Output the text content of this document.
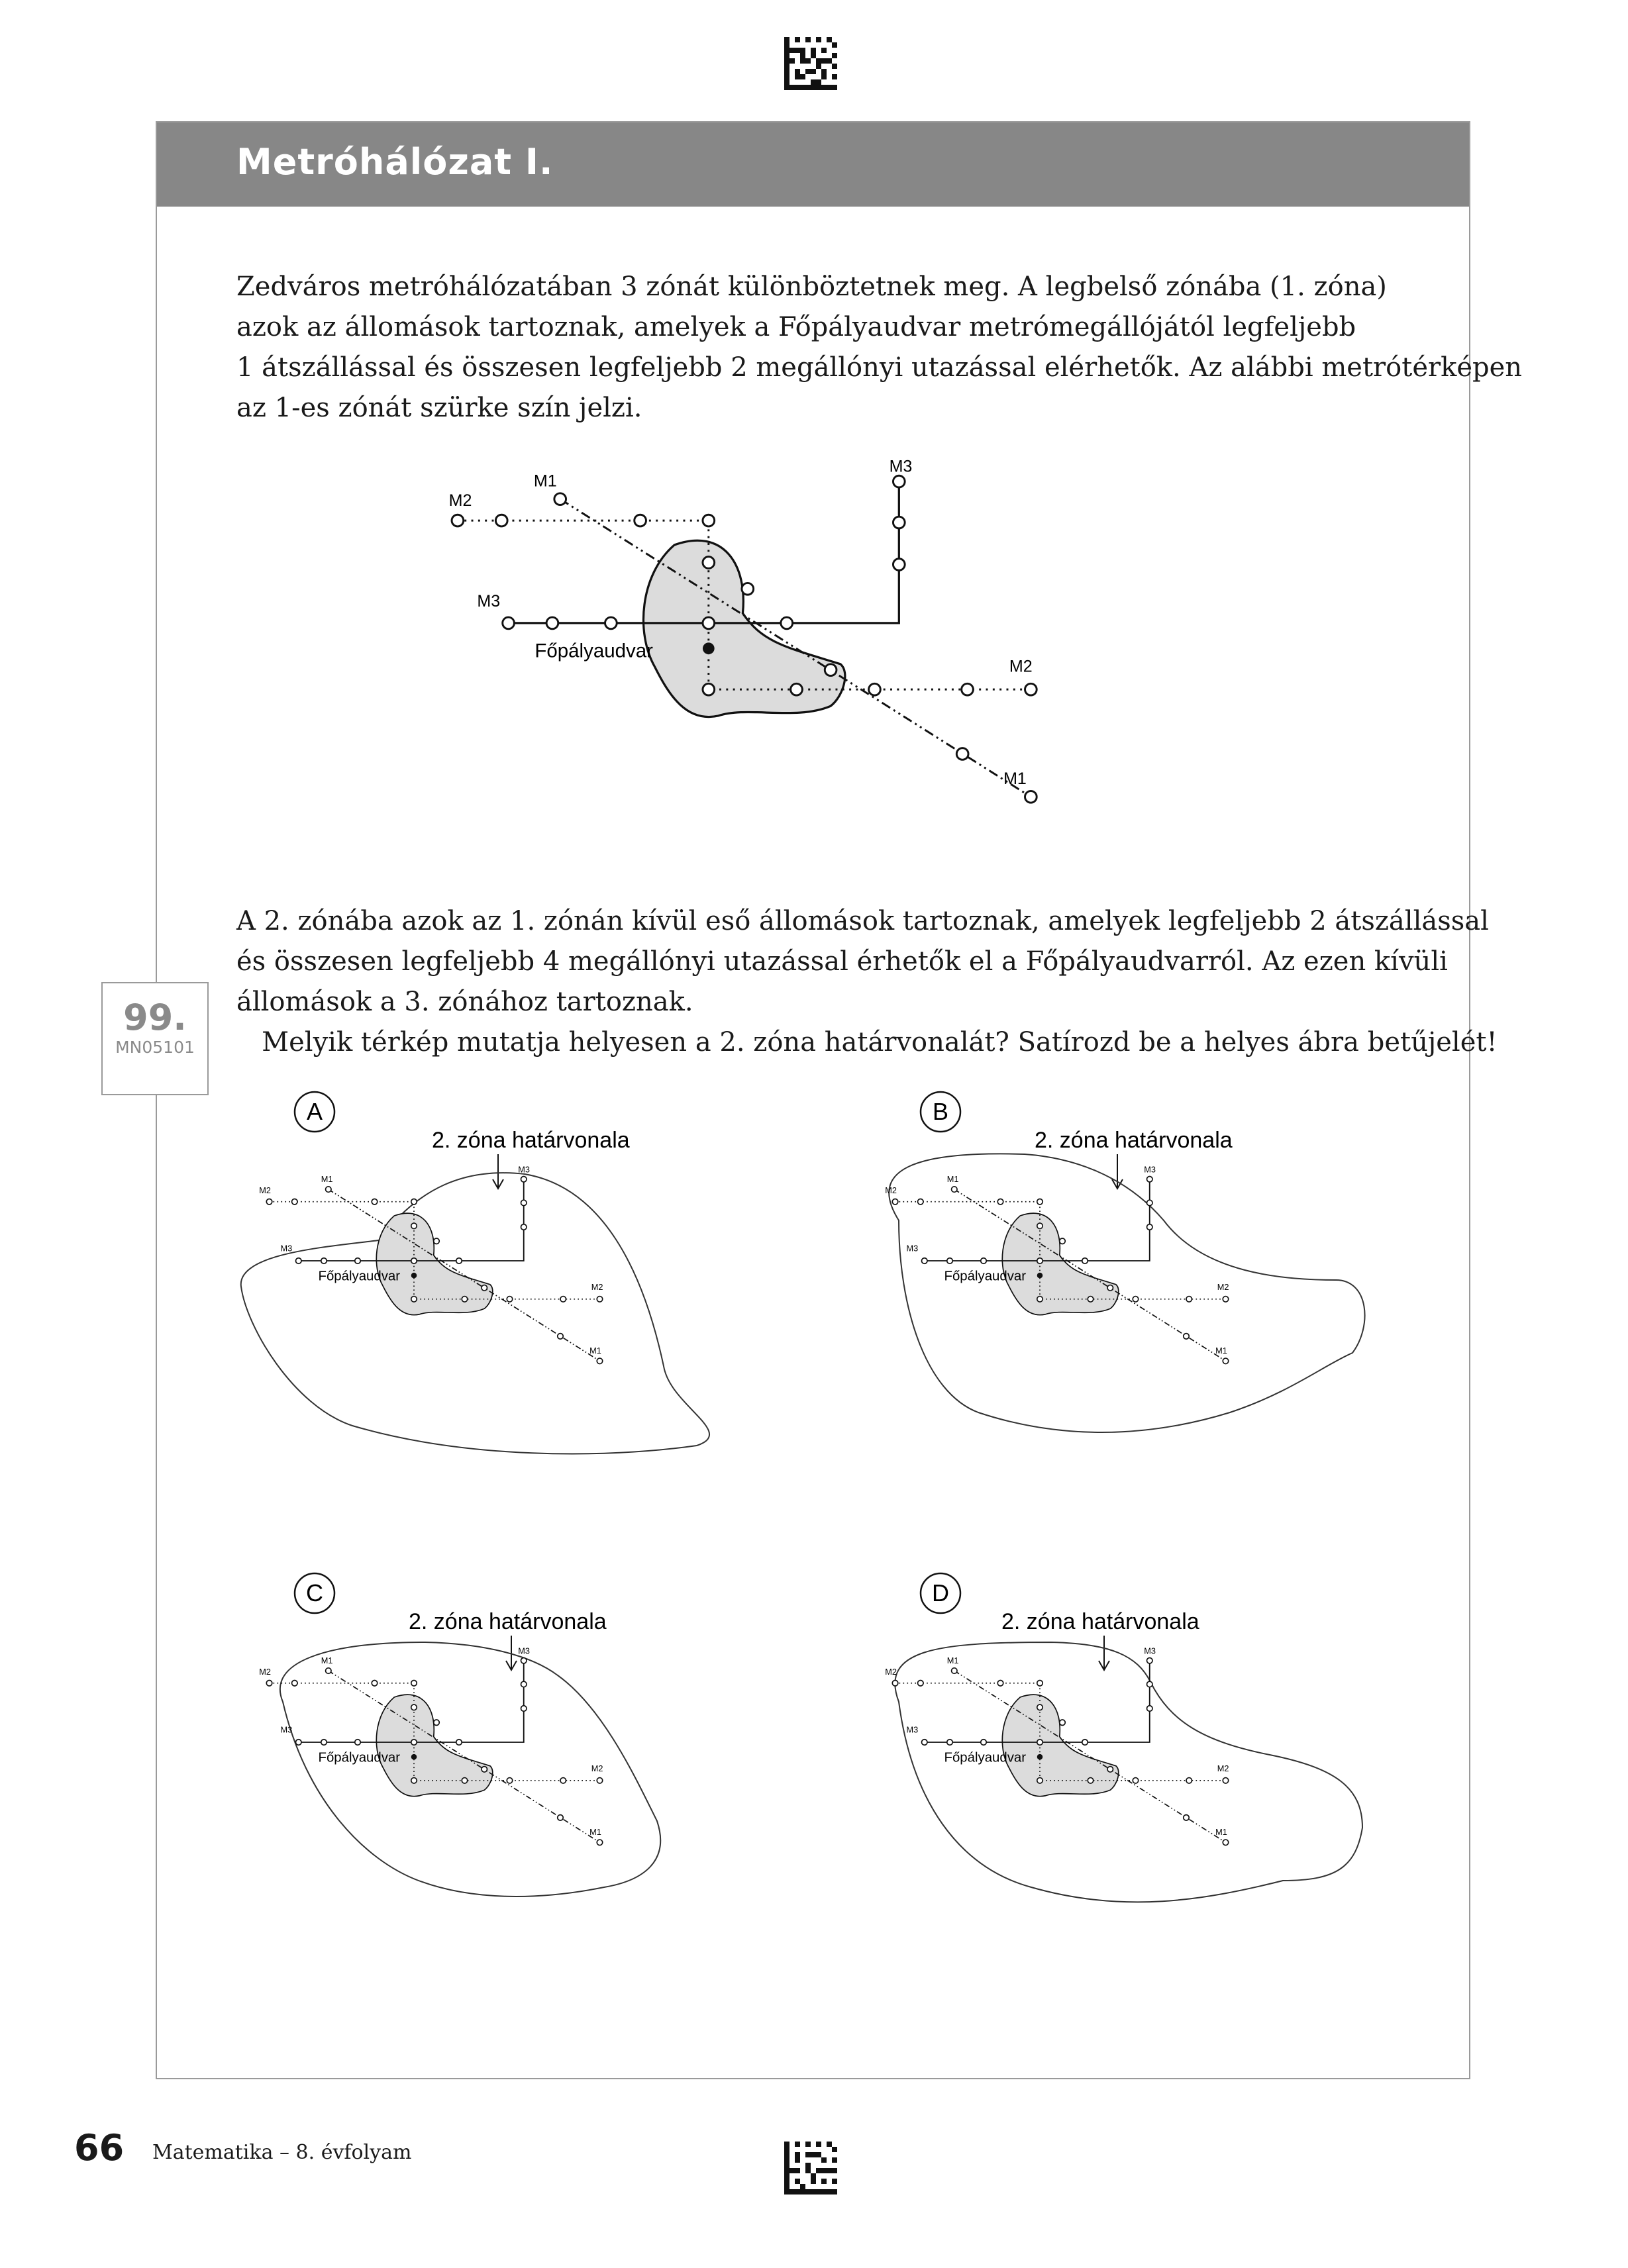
Metróhálózat I.

Zedváros metróhálózatában 3 zónát különböztetnek meg. A legbelső zónába (1. zóna)
azok az állomások tartoznak, amelyek a Főpályaudvar metrómegállójától legfeljebb
1 átszállással és összesen legfeljebb 2 megállónyi utazással elérhetők. Az alábbi metrótérképen
az 1-es zónát szürke szín jelzi.

Főpályaudvar
M1
M2
M3
M3
M2
M1

A 2. zónába azok az 1. zónán kívül eső állomások tartoznak, amelyek legfeljebb 2 átszállással
és összesen legfeljebb 4 megállónyi utazással érhetők el a Főpályaudvarról. Az ezen kívüli
állomások a 3. zónához tartoznak.
Melyik térkép mutatja helyesen a 2. zóna határvonalát? Satírozd be a helyes ábra betűjelét!

A
2. zóna határvonala
B
2. zóna határvonala
C
2. zóna határvonala
D
2. zóna határvonala
99.
MN05101
66 Matematika – 8. évfolyam
